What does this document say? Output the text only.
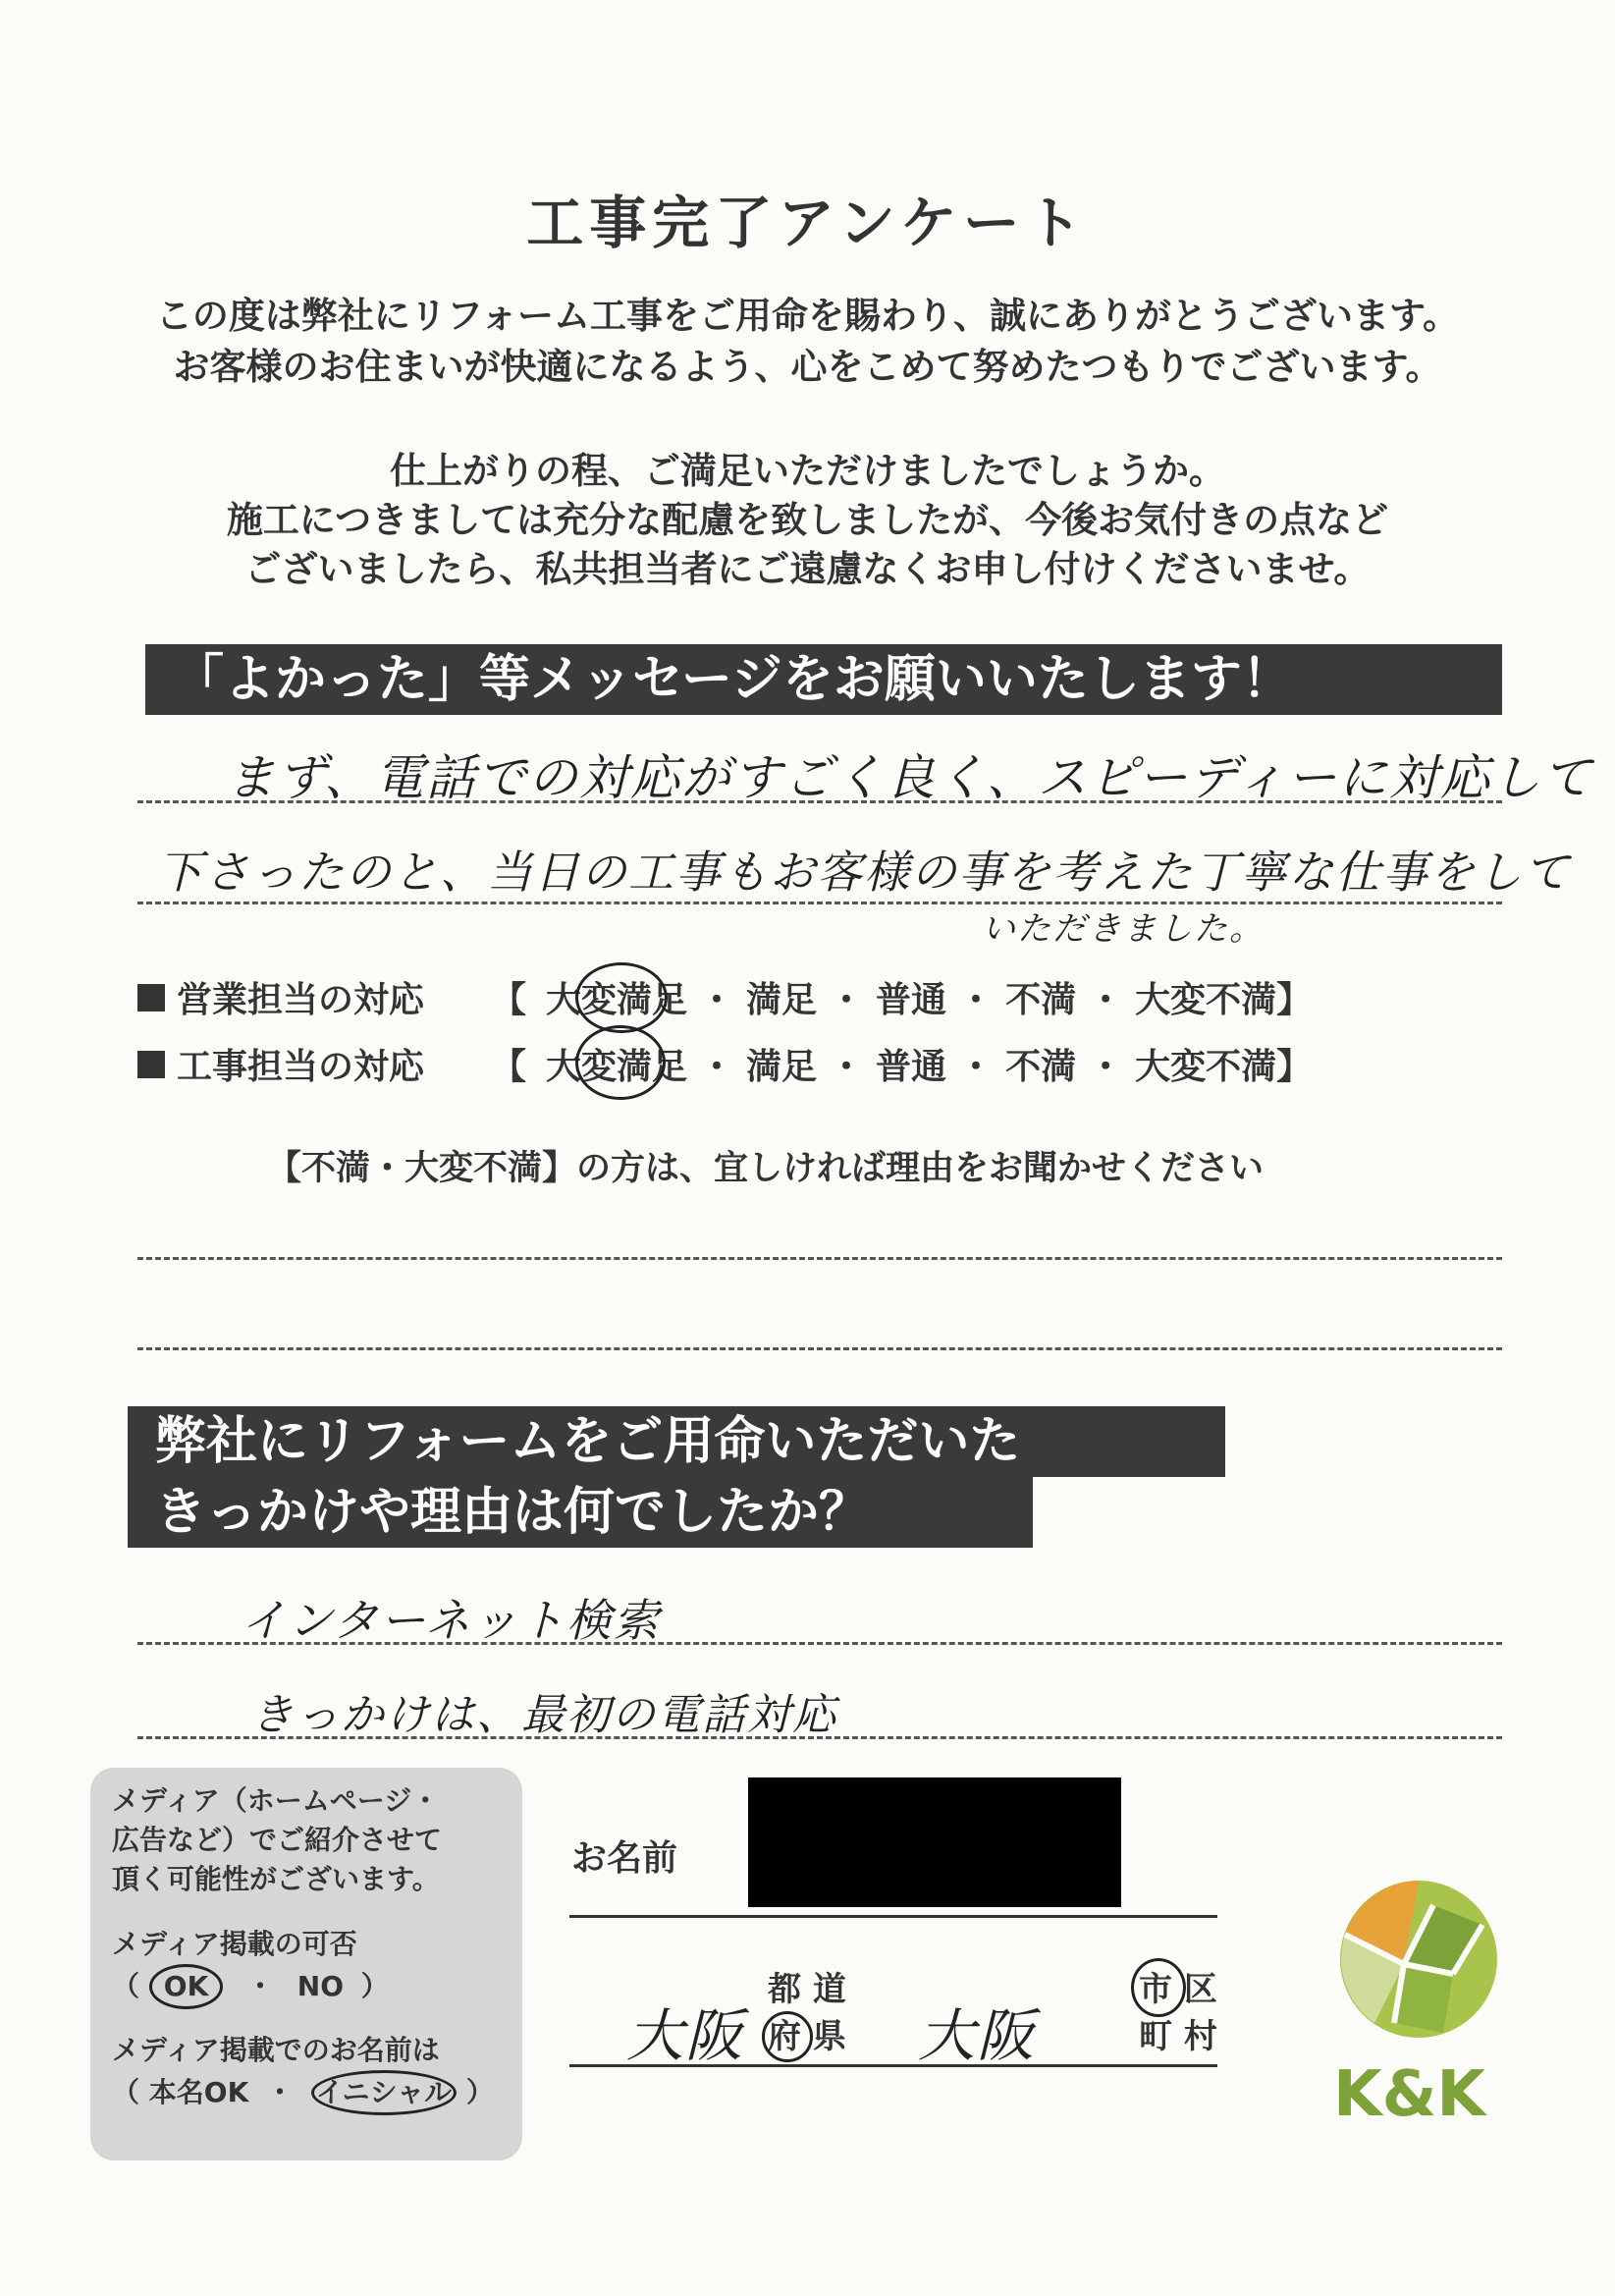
工事完了アンケート
この度は弊社にリフォーム工事をご用命を賜わり、誠にありがとうございます。
お客様のお住まいが快適になるよう、心をこめて努めたつもりでございます。
仕上がりの程、ご満足いただけましたでしょうか。
施工につきましては充分な配慮を致しましたが、今後お気付きの点など
ございましたら、私共担当者にご遠慮なくお申し付けくださいませ。
「よかった」等メッセージをお願いいたします！
まず、電話での対応がすごく良く、スピーディーに対応して
下さったのと、当日の工事もお客様の事を考えた丁寧な仕事をして
いただきました。
営業担当の対応	【 大変満足 ・ 満足 ・ 普通 ・ 不満 ・ 大変不満 】
工事担当の対応	【 大変満足 ・ 満足 ・ 普通 ・ 不満 ・ 大変不満 】
【不満・大変不満】の方は、宜しければ理由をお聞かせください
弊社にリフォームをご用命いただいた
きっかけや理由は何でしたか？
インターネット検索
きっかけは、最初の電話対応

メディア（ホームページ・

広告など）でご紹介させて

頂く可能性がございます。

メディア掲載の可否

（ OK ・ NO ）

メディア掲載でのお名前は

（ 本名OK ・ イニシャル ）

お名前
大阪
都 道
府 県 大阪
市 区
町 村
K&K
